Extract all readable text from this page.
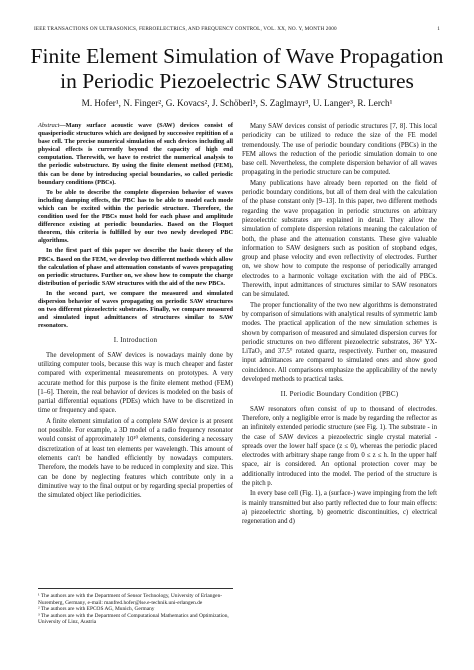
IEEE TRANSACTIONS ON ULTRASONICS, FERROELECTRICS, AND FREQUENCY CONTROL, VOL. XX, NO. Y, MONTH 2000	1
Finite Element Simulation of Wave Propagation in Periodic Piezoelectric SAW Structures
M. Hofer¹, N. Finger², G. Kovacs², J. Schöberl³, S. Zaglmayr³, U. Langer³, R. Lerch¹

Abstract—Many surface acoustic wave (SAW) devices consist of quasiperiodic structures which are designed by successive repitition of a base cell. The precise numerical simulation of such devices including all physical effects is currently beyond the capacity of high end computation. Therewith, we have to restrict the numerical analysis to the periodic substructure. By using the finite element method (FEM), this can be done by introducing special boundaries, so called periodic boundary conditions (PBCs).

To be able to describe the complete dispersion behavior of waves including damping effects, the PBC has to be able to model each mode which can be excited within the periodic structure. Therefore, the condition used for the PBCs must hold for each phase and amplitude difference existing at periodic boundaries. Based on the Floquet theorem, this criteria is fulfilled by our two newly developed PBC algorithms.

In the first part of this paper we describe the basic theory of the PBCs. Based on the FEM, we develop two different methods which allow the calculation of phase and attenuation constants of waves propagating on periodic structures. Further on, we show how to compute the charge distribution of periodic SAW structures with the aid of the new PBCs.

In the second part, we compare the measured and simulated dispersion behavior of waves propagating on periodic SAW structures on two different piezoelectric substrates. Finally, we compare measured and simulated input admittances of structures similar to SAW resonators.

I. Introduction

The development of SAW devices is nowadays mainly done by utilizing computer tools, because this way is much cheaper and faster compared with experimental measurements on prototypes. A very accurate method for this purpose is the finite element method (FEM) [1–6]. Therein, the real behavior of devices is modeled on the basis of partial differential equations (PDEs) which have to be discretized in time or frequency and space.

A finite element simulation of a complete SAW device is at present not possible. For example, a 3D model of a radio frequency resonator would consist of approximately 10¹⁰ elements, considering a necessary discretization of at least ten elements per wavelength. This amount of elements can't be handled efficiently by nowadays computers. Therefore, the models have to be reduced in complexity and size. This can be done by neglecting features which contribute only in a diminutive way to the final output or by regarding special properties of the simulated object like periodicities.

Many SAW devices consist of periodic structures [7, 8]. This local periodicity can be utilized to reduce the size of the FE model tremendously. The use of periodic boundary conditions (PBCs) in the FEM allows the reduction of the periodic simulation domain to one base cell. Nevertheless, the complete dispersion behavior of all waves propagating in the periodic structure can be computed.

Many publications have already been reported on the field of periodic boundary conditions, but all of them deal with the calculation of the phase constant only [9–13]. In this paper, two different methods regarding the wave propagation in periodic structures on arbitrary piezoelectric substrates are explained in detail. They allow the simulation of complete dispersion relations meaning the calculation of both, the phase and the attenuation constants. These give valuable information to SAW designers such as position of stopband edges, group and phase velocity and even reflectivity of electrodes. Further on, we show how to compute the response of periodically arranged electrodes to a harmonic voltage excitation with the aid of PBCs. Therewith, input admittances of structures similar to SAW resonators can be simulated.

The proper functionality of the two new algorithms is demonstrated by comparison of simulations with analytical results of symmetric lamb modes. The practical application of the new simulation schemes is shown by comparison of measured and simulated dispersion curves for periodic structures on two different piezoelectric substrates, 36° YX-LiTaO₃ and 37.5° rotated quartz, respectively. Further on, measured input admittances are compared to simulated ones and show good coincidence. All comparisons emphasize the applicability of the newly developed methods to practical tasks.

II. Periodic Boundary Condition (PBC)

SAW resonators often consist of up to thousand of electrodes. Therefore, only a negligible error is made by regarding the reflector as an infinitely extended periodic structure (see Fig. 1). The substrate - in the case of SAW devices a piezoelectric single crystal material - spreads over the lower half space (z ≤ 0), whereas the periodic placed electrodes with arbitrary shape range from 0 ≤ z ≤ h. In the upper half space, air is considered. An optional protection cover may be additionally introduced into the model. The period of the structure is the pitch p.

In every base cell (Fig. 1), a (surface-) wave impinging from the left is mainly transmitted but also partly reflected due to four main effects: a) piezoelectric shorting, b) geometric discontinuities, c) electrical regeneration and d)

¹ The authors are with the Department of Sensor Technology, University of Erlangen-Nuremberg, Germany, e-mail: manfred.hofer@lse.e-technik.uni-erlangen.de
² The authors are with EPCOS AG, Munich, Germany
³ The authors are with the Department of Computational Mathematics and Optimization, University of Linz, Austria
